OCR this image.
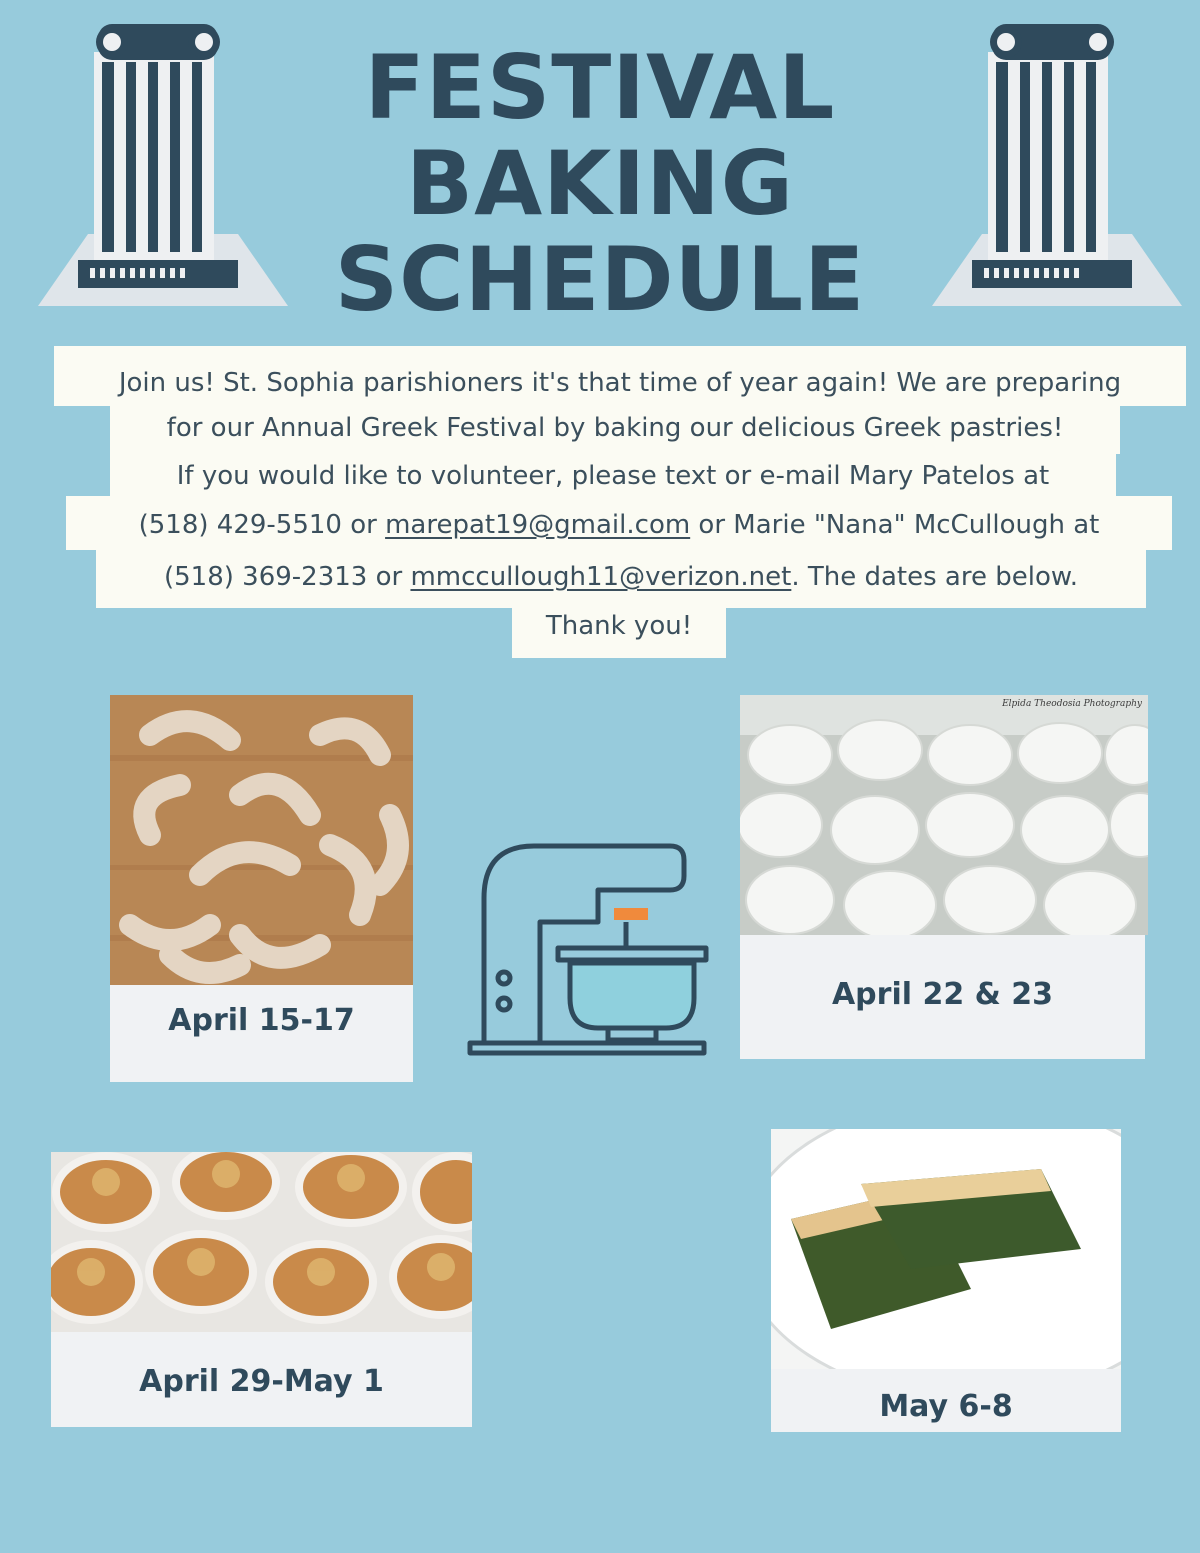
FESTIVAL
BAKING
SCHEDULE
Join us! St. Sophia parishioners it's that time of year again! We are preparing
for our Annual Greek Festival by baking our delicious Greek pastries!
If you would like to volunteer, please text or e-mail Mary Patelos at
(518) 429-5510 or marepat19@gmail.com or Marie "Nana" McCullough at
(518) 369-2313 or mmccullough11@verizon.net. The dates are below.
Thank you!
April 15-17
Elpida Theodosia Photography
April 22 & 23
April 29-May 1
May 6-8
